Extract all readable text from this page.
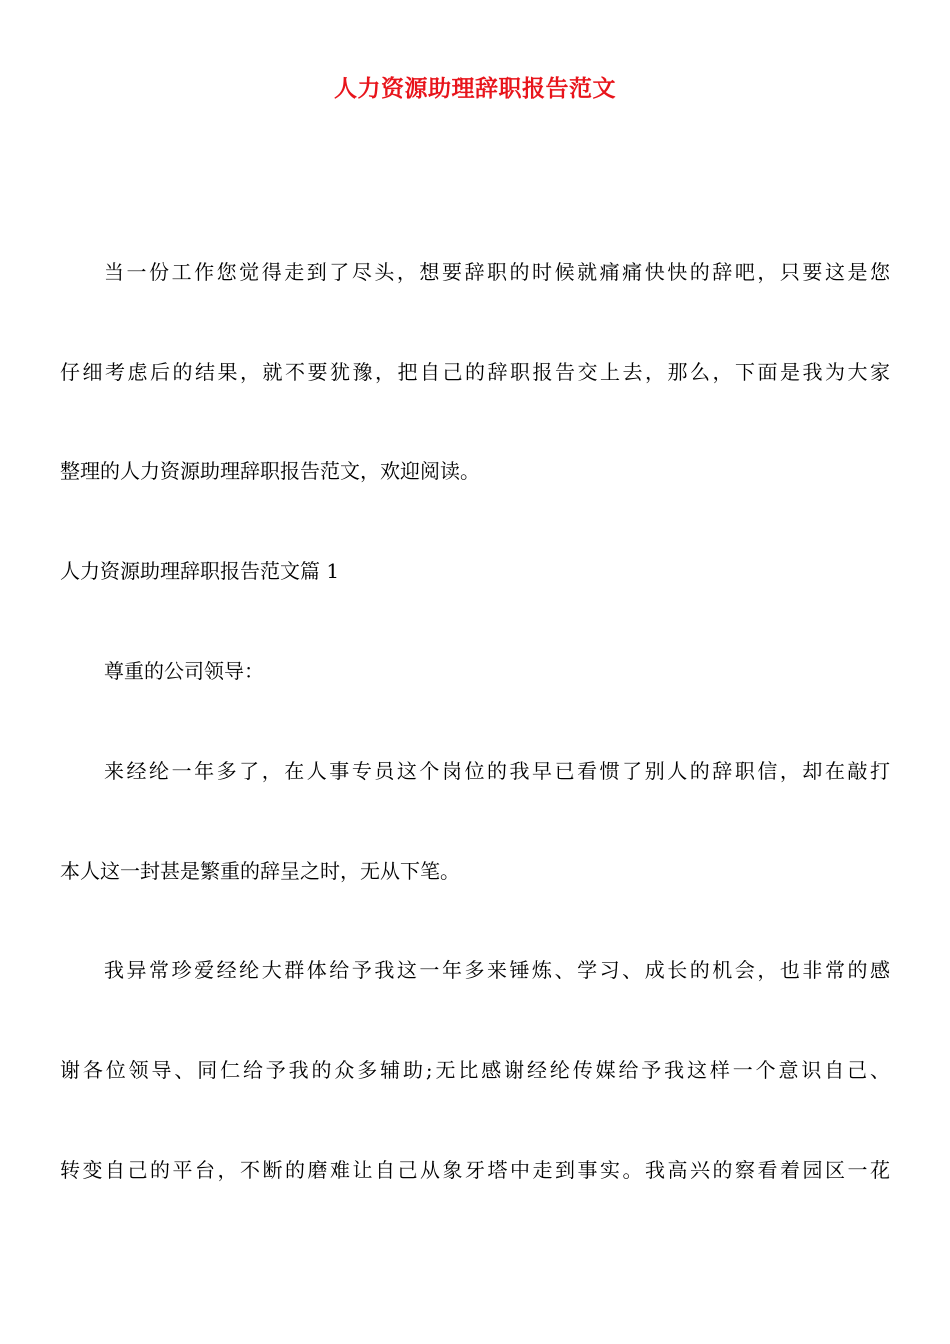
人力资源助理辞职报告范文
当一份工作您觉得走到了尽头，想要辞职的时候就痛痛快快的辞吧，只要这是您
仔细考虑后的结果，就不要犹豫，把自己的辞职报告交上去，那么，下面是我为大家
整理的人力资源助理辞职报告范文，欢迎阅读。
人力资源助理辞职报告范文篇 1
尊重的公司领导：
来经纶一年多了，在人事专员这个岗位的我早已看惯了别人的辞职信，却在敲打
本人这一封甚是繁重的辞呈之时，无从下笔。
我异常珍爱经纶大群体给予我这一年多来锤炼、学习、成长的机会，也非常的感
谢各位领导、同仁给予我的众多辅助;无比感谢经纶传媒给予我这样一个意识自己、
转变自己的平台，不断的磨难让自己从象牙塔中走到事实。我高兴的察看着园区一花
